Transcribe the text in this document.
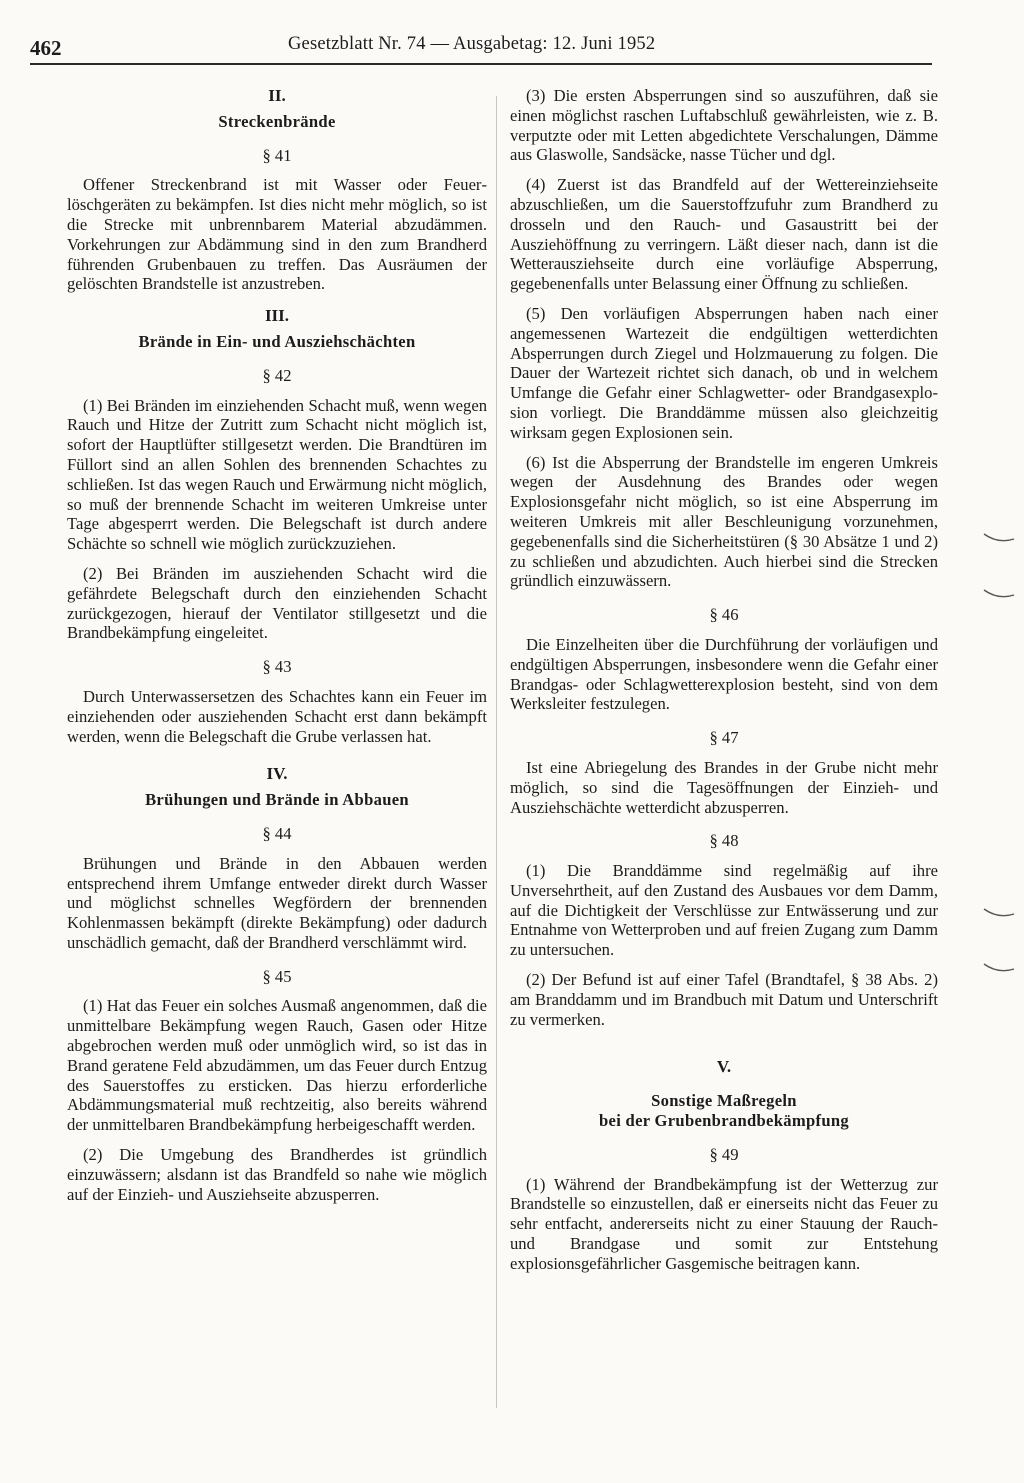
462	Gesetzblatt Nr. 74 — Ausgabetag: 12. Juni 1952
II.
Streckenbrände
§ 41

Offener Streckenbrand ist mit Wasser oder Feuerlöschgeräten zu bekämpfen. Ist dies nicht mehr möglich, so ist die Strecke mit unbrennbarem Material abzudämmen. Vorkehrungen zur Abdämmung sind in den zum Brandherd führenden Grubenbauen zu treffen. Das Ausräumen der gelöschten Brandstelle ist anzustreben.

III.
Brände in Ein- und Ausziehschächten
§ 42

(1) Bei Bränden im einziehenden Schacht muß, wenn wegen Rauch und Hitze der Zutritt zum Schacht nicht möglich ist, sofort der Hauptlüfter stillgesetzt werden. Die Brandtüren im Füllort sind an allen Sohlen des brennenden Schachtes zu schließen. Ist das wegen Rauch und Erwärmung nicht möglich, so muß der brennende Schacht im weiteren Umkreise unter Tage abgesperrt werden. Die Belegschaft ist durch andere Schächte so schnell wie möglich zurückzuziehen.

(2) Bei Bränden im ausziehenden Schacht wird die gefährdete Belegschaft durch den einziehenden Schacht zurückgezogen, hierauf der Ventilator stillgesetzt und die Brandbekämpfung eingeleitet.

§ 43

Durch Unterwassersetzen des Schachtes kann ein Feuer im einziehenden oder ausziehenden Schacht erst dann bekämpft werden, wenn die Belegschaft die Grube verlassen hat.

IV.
Brühungen und Brände in Abbauen
§ 44

Brühungen und Brände in den Abbauen werden entsprechend ihrem Umfange entweder direkt durch Wasser und möglichst schnelles Wegfördern der brennenden Kohlenmassen bekämpft (direkte Bekämpfung) oder dadurch unschädlich gemacht, daß der Brandherd verschlämmt wird.

§ 45

(1) Hat das Feuer ein solches Ausmaß angenommen, daß die unmittelbare Bekämpfung wegen Rauch, Gasen oder Hitze abgebrochen werden muß oder unmöglich wird, so ist das in Brand geratene Feld abzudämmen, um das Feuer durch Entzug des Sauerstoffes zu ersticken. Das hierzu erforderliche Abdämmungsmaterial muß rechtzeitig, also bereits während der unmittelbaren Brandbekämpfung herbeigeschafft werden.

(2) Die Umgebung des Brandherdes ist gründlich einzuwässern; alsdann ist das Brandfeld so nahe wie möglich auf der Einzieh- und Ausziehseite abzusperren.

(3) Die ersten Absperrungen sind so auszuführen, daß sie einen möglichst raschen Luftabschluß gewährleisten, wie z. B. verputzte oder mit Letten abgedichtete Verschalungen, Dämme aus Glaswolle, Sandsäcke, nasse Tücher und dgl.

(4) Zuerst ist das Brandfeld auf der Wettereinziehseite abzuschließen, um die Sauerstoffzufuhr zum Brandherd zu drosseln und den Rauch- und Gasaustritt bei der Ausziehöffnung zu verringern. Läßt dieser nach, dann ist die Wetterausziehseite durch eine vorläufige Absperrung, gegebenenfalls unter Belassung einer Öffnung zu schließen.

(5) Den vorläufigen Absperrungen haben nach einer angemessenen Wartezeit die endgültigen wetterdichten Absperrungen durch Ziegel und Holzmauerung zu folgen. Die Dauer der Wartezeit richtet sich danach, ob und in welchem Umfange die Gefahr einer Schlagwetter- oder Brandgasexplosion vorliegt. Die Branddämme müssen also gleichzeitig wirksam gegen Explosionen sein.

(6) Ist die Absperrung der Brandstelle im engeren Umkreis wegen der Ausdehnung des Brandes oder wegen Explosionsgefahr nicht möglich, so ist eine Absperrung im weiteren Umkreis mit aller Beschleunigung vorzunehmen, gegebenenfalls sind die Sicherheitstüren (§ 30 Absätze 1 und 2) zu schließen und abzudichten. Auch hierbei sind die Strecken gründlich einzuwässern.

§ 46

Die Einzelheiten über die Durchführung der vorläufigen und endgültigen Absperrungen, insbesondere wenn die Gefahr einer Brandgas- oder Schlagwetterexplosion besteht, sind von dem Werksleiter festzulegen.

§ 47

Ist eine Abriegelung des Brandes in der Grube nicht mehr möglich, so sind die Tagesöffnungen der Einzieh- und Ausziehschächte wetterdicht abzusperren.

§ 48

(1) Die Branddämme sind regelmäßig auf ihre Unversehrtheit, auf den Zustand des Ausbaues vor dem Damm, auf die Dichtigkeit der Verschlüsse zur Entwässerung und zur Entnahme von Wetterproben und auf freien Zugang zum Damm zu untersuchen.

(2) Der Befund ist auf einer Tafel (Brandtafel, § 38 Abs. 2) am Branddamm und im Brandbuch mit Datum und Unterschrift zu vermerken.

V.
Sonstige Maßregeln
bei der Grubenbrandbekämpfung
§ 49

(1) Während der Brandbekämpfung ist der Wetterzug zur Brandstelle so einzustellen, daß er einerseits nicht das Feuer zu sehr entfacht, andererseits nicht zu einer Stauung der Rauch- und Brandgase und somit zur Entstehung explosionsgefährlicher Gasgemische beitragen kann.
